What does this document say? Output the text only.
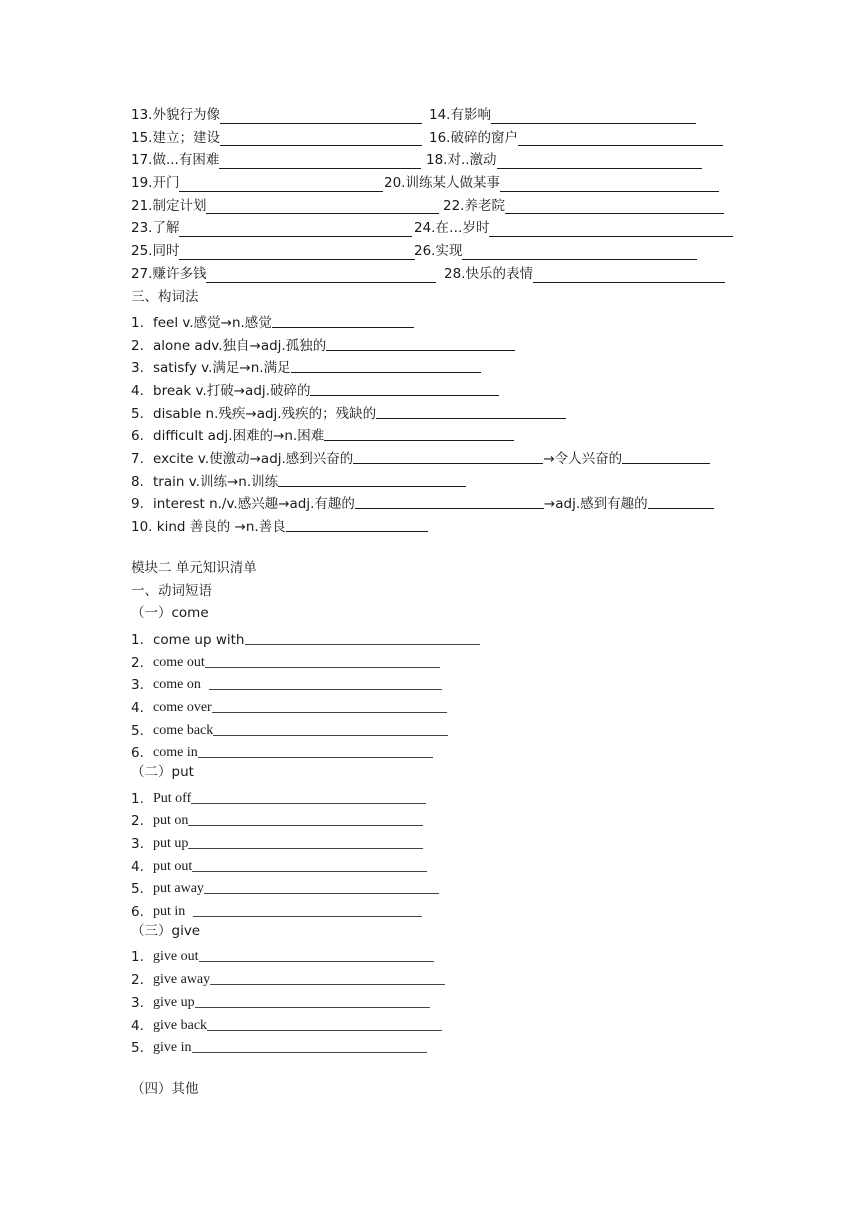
13.外貌行为像	14.有影响
15.建立；建设	16.破碎的窗户
17.做...有困难	18.对..激动
19.开门	20.训练某人做某事
21.制定计划	22.养老院
23.了解	24.在…岁时
25.同时	26.实现
27.赚许多钱	28.快乐的表情
三、构词法
1. feel v.感觉→n.感觉
2. alone adv.独自→adj.孤独的
3. satisfy v.满足→n.满足
4. break v.打破→adj.破碎的
5. disable n.残疾→adj.残疾的；残缺的
6. difficult adj.困难的→n.困难
7. excite v.使激动→adj.感到兴奋的	→令人兴奋的
8. train v.训练→n.训练
9. interest n./v.感兴趣→adj.有趣的	→adj.感到有趣的
10. kind 善良的 →n.善良
模块二 单元知识清单
一、动词短语
（一）come
1. come up with
2. come out
3. come on
4. come over
5. come back
6. come in
（二）put
1. Put off
2. put on
3. put up
4. put out
5. put away
6. put in
（三）give
1. give out
2. give away
3. give up
4. give back
5. give in
（四）其他
